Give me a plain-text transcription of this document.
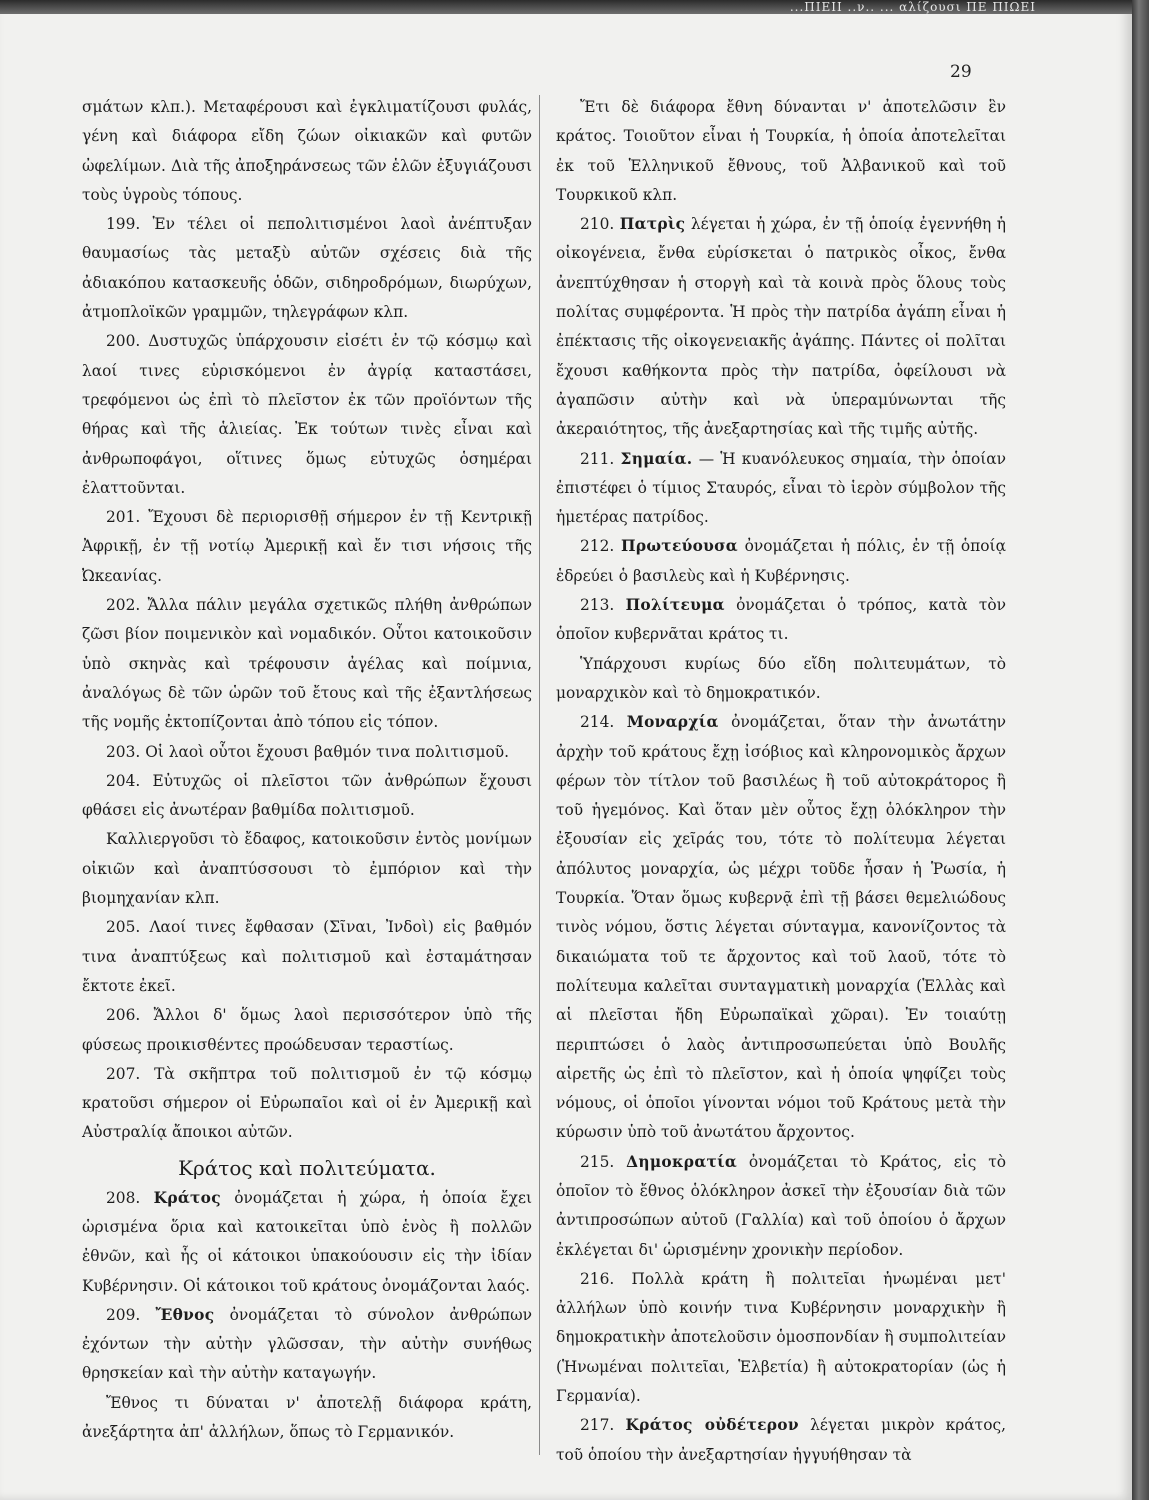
...ΠΙΕΙΙ ..ν.. ... αλίζουσι ΠΕ ΠΙΩΕΙ
29

σμάτων κλπ.). Μεταφέρουσι καὶ ἐγκλιματίζουσι φυλάς, γένη καὶ διάφορα εἴδη ζώων οἰκιακῶν καὶ φυτῶν ὠφελίμων. Διὰ τῆς ἀποξηράνσεως τῶν ἑλῶν ἐξυγιάζουσι τοὺς ὑγροὺς τόπους.

199. Ἐν τέλει οἱ πεπολιτισμένοι λαοὶ ἀνέπτυξαν θαυμασίως τὰς μεταξὺ αὐτῶν σχέσεις διὰ τῆς ἀδιακόπου κατασκευῆς ὁδῶν, σιδηροδρόμων, διωρύχων, ἀτμοπλοϊκῶν γραμμῶν, τηλεγράφων κλπ.

200. Δυστυχῶς ὑπάρχουσιν εἰσέτι ἐν τῷ κόσμῳ καὶ λαοί τινες εὑρισκόμενοι ἐν ἀγρίᾳ καταστάσει, τρεφόμενοι ὡς ἐπὶ τὸ πλεῖστον ἐκ τῶν προϊόντων τῆς θήρας καὶ τῆς ἁλιείας. Ἐκ τούτων τινὲς εἶναι καὶ ἀνθρωποφάγοι, οἵτινες ὅμως εὐτυχῶς ὁσημέραι ἐλαττοῦνται.

201. Ἔχουσι δὲ περιορισθῇ σήμερον ἐν τῇ Κεντρικῇ Ἀφρικῇ, ἐν τῇ νοτίῳ Ἀμερικῇ καὶ ἔν τισι νήσοις τῆς Ὠκεανίας.

202. Ἄλλα πάλιν μεγάλα σχετικῶς πλήθη ἀνθρώπων ζῶσι βίον ποιμενικὸν καὶ νομαδικόν. Οὗτοι κατοικοῦσιν ὑπὸ σκηνὰς καὶ τρέφουσιν ἀγέλας καὶ ποίμνια, ἀναλόγως δὲ τῶν ὡρῶν τοῦ ἔτους καὶ τῆς ἐξαντλήσεως τῆς νομῆς ἐκτοπίζονται ἀπὸ τόπου εἰς τόπον.

203. Οἱ λαοὶ οὗτοι ἔχουσι βαθμόν τινα πολιτισμοῦ.

204. Εὐτυχῶς οἱ πλεῖστοι τῶν ἀνθρώπων ἔχουσι φθάσει εἰς ἀνωτέραν βαθμίδα πολιτισμοῦ.

Καλλιεργοῦσι τὸ ἔδαφος, κατοικοῦσιν ἐντὸς μονίμων οἰκιῶν καὶ ἀναπτύσσουσι τὸ ἐμπόριον καὶ τὴν βιομηχανίαν κλπ.

205. Λαοί τινες ἔφθασαν (Σῖναι, Ἰνδοὶ) εἰς βαθμόν τινα ἀναπτύξεως καὶ πολιτισμοῦ καὶ ἐσταμάτησαν ἔκτοτε ἐκεῖ.

206. Ἄλλοι δ' ὅμως λαοὶ περισσότερον ὑπὸ τῆς φύσεως προικισθέντες προώδευσαν τεραστίως.

207. Τὰ σκῆπτρα τοῦ πολιτισμοῦ ἐν τῷ κόσμῳ κρατοῦσι σήμερον οἱ Εὐρωπαῖοι καὶ οἱ ἐν Ἀμερικῇ καὶ Αὐστραλίᾳ ἄποικοι αὐτῶν.

Κράτος καὶ πολιτεύματα.

208. Κράτος ὀνομάζεται ἡ χώρα, ἡ ὁποία ἔχει ὡρισμένα ὅρια καὶ κατοικεῖται ὑπὸ ἑνὸς ἢ πολλῶν ἐθνῶν, καὶ ἧς οἱ κάτοικοι ὑπακούουσιν εἰς τὴν ἰδίαν Κυβέρνησιν. Οἱ κάτοικοι τοῦ κράτους ὀνομάζονται λαός.

209. Ἔθνος ὀνομάζεται τὸ σύνολον ἀνθρώπων ἐχόντων τὴν αὐτὴν γλῶσσαν, τὴν αὐτὴν συνήθως θρησκείαν καὶ τὴν αὐτὴν καταγωγήν.

Ἔθνος τι δύναται ν' ἀποτελῇ διάφορα κράτη, ἀνεξάρτητα ἀπ' ἀλλήλων, ὅπως τὸ Γερμανικόν.

Ἔτι δὲ διάφορα ἔθνη δύνανται ν' ἀποτελῶσιν ἓν κράτος. Τοιοῦτον εἶναι ἡ Τουρκία, ἡ ὁποία ἀποτελεῖται ἐκ τοῦ Ἑλληνικοῦ ἔθνους, τοῦ Ἀλβανικοῦ καὶ τοῦ Τουρκικοῦ κλπ.

210. Πατρὶς λέγεται ἡ χώρα, ἐν τῇ ὁποίᾳ ἐγεννήθη ἡ οἰκογένεια, ἔνθα εὑρίσκεται ὁ πατρικὸς οἶκος, ἔνθα ἀνεπτύχθησαν ἡ στοργὴ καὶ τὰ κοινὰ πρὸς ὅλους τοὺς πολίτας συμφέροντα. Ἡ πρὸς τὴν πατρίδα ἀγάπη εἶναι ἡ ἐπέκτασις τῆς οἰκογενειακῆς ἀγάπης. Πάντες οἱ πολῖται ἔχουσι καθήκοντα πρὸς τὴν πατρίδα, ὀφείλουσι νὰ ἀγαπῶσιν αὐτὴν καὶ νὰ ὑπεραμύνωνται τῆς ἀκεραιότητος, τῆς ἀνεξαρτησίας καὶ τῆς τιμῆς αὐτῆς.

211. Σημαία. — Ἡ κυανόλευκος σημαία, τὴν ὁποίαν ἐπιστέφει ὁ τίμιος Σταυρός, εἶναι τὸ ἱερὸν σύμβολον τῆς ἡμετέρας πατρίδος.

212. Πρωτεύουσα ὀνομάζεται ἡ πόλις, ἐν τῇ ὁποίᾳ ἑδρεύει ὁ βασιλεὺς καὶ ἡ Κυβέρνησις.

213. Πολίτευμα ὀνομάζεται ὁ τρόπος, κατὰ τὸν ὁποῖον κυβερνᾶται κράτος τι.

Ὑπάρχουσι κυρίως δύο εἴδη πολιτευμάτων, τὸ μοναρχικὸν καὶ τὸ δημοκρατικόν.

214. Μοναρχία ὀνομάζεται, ὅταν τὴν ἀνωτάτην ἀρχὴν τοῦ κράτους ἔχῃ ἰσόβιος καὶ κληρονομικὸς ἄρχων φέρων τὸν τίτλον τοῦ βασιλέως ἢ τοῦ αὐτοκράτορος ἢ τοῦ ἡγεμόνος. Καὶ ὅταν μὲν οὗτος ἔχῃ ὁλόκληρον τὴν ἐξουσίαν εἰς χεῖράς του, τότε τὸ πολίτευμα λέγεται ἀπόλυτος μοναρχία, ὡς μέχρι τοῦδε ἦσαν ἡ Ῥωσία, ἡ Τουρκία. Ὅταν ὅμως κυβερνᾷ ἐπὶ τῇ βάσει θεμελιώδους τινὸς νόμου, ὅστις λέγεται σύνταγμα, κανονίζοντος τὰ δικαιώματα τοῦ τε ἄρχοντος καὶ τοῦ λαοῦ, τότε τὸ πολίτευμα καλεῖται συνταγματικὴ μοναρχία (Ἑλλὰς καὶ αἱ πλεῖσται ἤδη Εὐρωπαϊκαὶ χῶραι). Ἐν τοιαύτῃ περιπτώσει ὁ λαὸς ἀντιπροσωπεύεται ὑπὸ Βουλῆς αἱρετῆς ὡς ἐπὶ τὸ πλεῖστον, καὶ ἡ ὁποία ψηφίζει τοὺς νόμους, οἱ ὁποῖοι γίνονται νόμοι τοῦ Κράτους μετὰ τὴν κύρωσιν ὑπὸ τοῦ ἀνωτάτου ἄρχοντος.

215. Δημοκρατία ὀνομάζεται τὸ Κράτος, εἰς τὸ ὁποῖον τὸ ἔθνος ὁλόκληρον ἀσκεῖ τὴν ἐξουσίαν διὰ τῶν ἀντιπροσώπων αὐτοῦ (Γαλλία) καὶ τοῦ ὁποίου ὁ ἄρχων ἐκλέγεται δι' ὡρισμένην χρονικὴν περίοδον.

216. Πολλὰ κράτη ἢ πολιτεῖαι ἡνωμέναι μετ' ἀλλήλων ὑπὸ κοινήν τινα Κυβέρνησιν μοναρχικὴν ἢ δημοκρατικὴν ἀποτελοῦσιν ὁμοσπονδίαν ἢ συμπολιτείαν (Ἡνωμέναι πολιτεῖαι, Ἑλβετία) ἢ αὐτοκρατορίαν (ὡς ἡ Γερμανία).

217. Κράτος οὐδέτερον λέγεται μικρὸν κράτος, τοῦ ὁποίου τὴν ἀνεξαρτησίαν ἠγγυήθησαν τὰ
